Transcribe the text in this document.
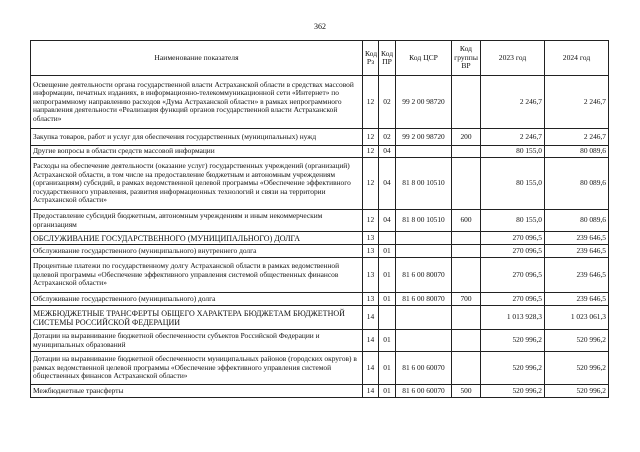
362
Наименование показателя	Код Рз	Код ПР	Код ЦСР	Код группы ВР	2023 год	2024 год
Освещение деятельности органа государственной власти Астраханской области в средствах массовой информации, печатных изданиях, в информационно-телекоммуникационной сети «Интернет» по непрограммному направлению расходов «Дума Астраханской области» в рамках непрограммного направления деятельности «Реализация функций органов государственной власти Астраханской области»	12	02	99 2 00 98720		2 246,7	2 246,7
Закупка товаров, работ и услуг для обеспечения государственных (муниципальных) нужд	12	02	99 2 00 98720	200	2 246,7	2 246,7
Другие вопросы в области средств массовой информации	12	04			80 155,0	80 089,6
Расходы на обеспечение деятельности (оказание услуг) государственных учреждений (организаций) Астраханской области, в том числе на предоставление бюджетным и автономным учреждениям (организациям) субсидий, в рамках ведомственной целевой программы «Обеспечение эффективного государственного управления, развития информационных технологий и связи на территории Астраханской области»	12	04	81 8 00 10510		80 155,0	80 089,6
Предоставление субсидий бюджетным, автономным учреждениям и иным некоммерческим организациям	12	04	81 8 00 10510	600	80 155,0	80 089,6
ОБСЛУЖИВАНИЕ ГОСУДАРСТВЕННОГО (МУНИЦИПАЛЬНОГО) ДОЛГА	13				270 096,5	239 646,5
Обслуживание государственного (муниципального) внутреннего долга	13	01			270 096,5	239 646,5
Процентные платежи по государственному долгу Астраханской области в рамках ведомственной целевой программы «Обеспечение эффективного управления системой общественных финансов Астраханской области»	13	01	81 6 00 80070		270 096,5	239 646,5
Обслуживание государственного (муниципального) долга	13	01	81 6 00 80070	700	270 096,5	239 646,5
МЕЖБЮДЖЕТНЫЕ ТРАНСФЕРТЫ ОБЩЕГО ХАРАКТЕРА БЮДЖЕТАМ БЮДЖЕТНОЙ СИСТЕМЫ РОССИЙСКОЙ ФЕДЕРАЦИИ	14				1 013 928,3	1 023 061,3
Дотации на выравнивание бюджетной обеспеченности субъектов Российской Федерации и муниципальных образований	14	01			520 996,2	520 996,2
Дотации на выравнивание бюджетной обеспеченности муниципальных районов (городских округов) в рамках ведомственной целевой программы «Обеспечение эффективного управления системой общественных финансов Астраханской области»	14	01	81 6 00 60070		520 996,2	520 996,2
Межбюджетные трансферты	14	01	81 6 00 60070	500	520 996,2	520 996,2
